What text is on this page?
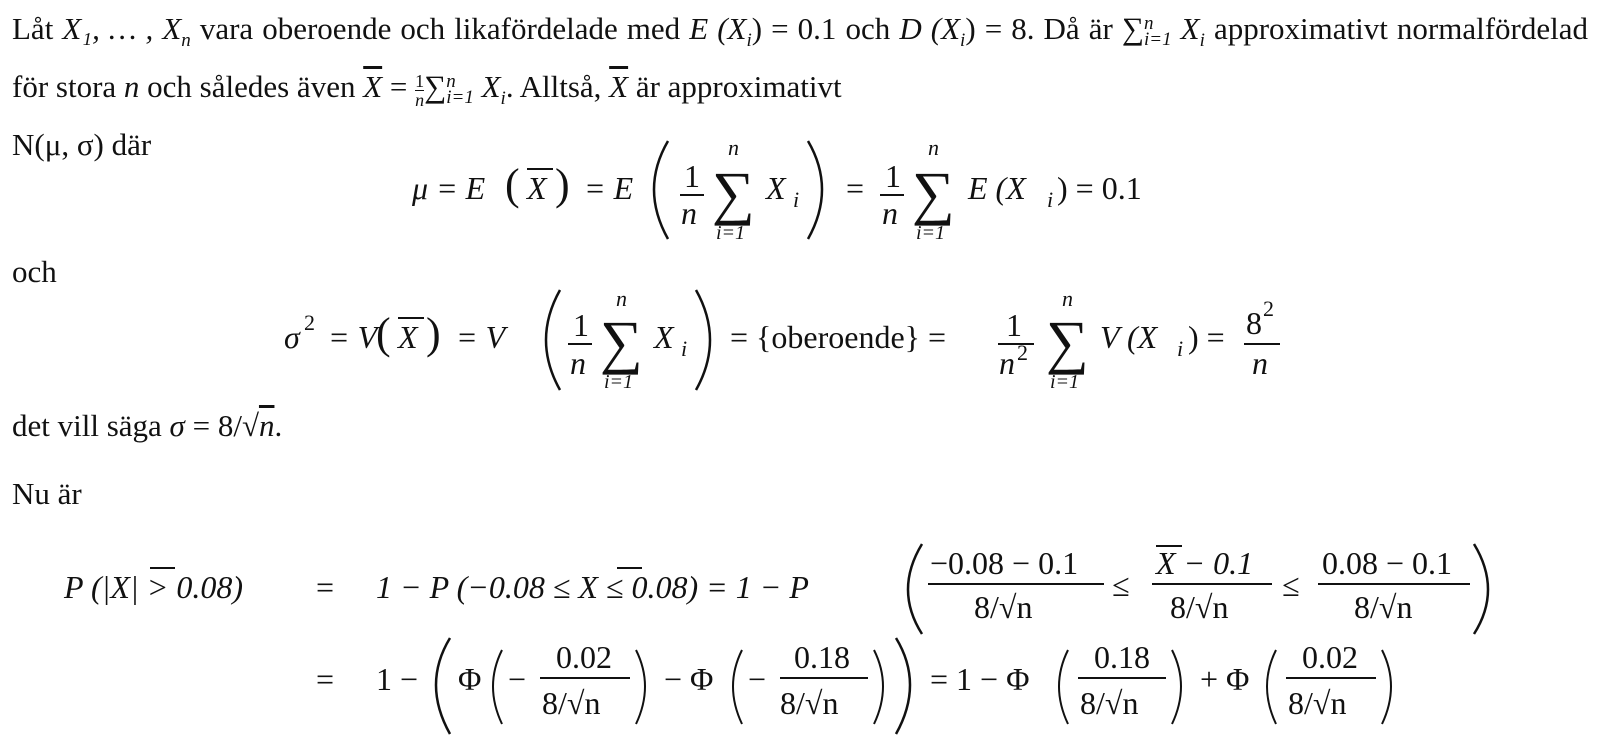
Låt X₁, … , $X_n$ vara oberoende och likafördelade med E $(X_i) = 0.1$ och D $(X_i) = 8$. Då är ∑ n
i=1 $X_i$ approximativt normalfördelad för stora n och således även $\overline{X} = \frac{1}{n}$ ∑ n
i=1 $X_i$. Alltså, $\overline{X}$ är approximativt
N(μ, σ) där
μ = E ( X ) = E 1
n
n
∑
i=1
X i = 1
n
n
∑
i=1
E (X i ) = 0.1
och
σ 2 = V
( X ) = V 1
n
n
∑
i=1
X i = {oberoende} = 1
n 2
n
∑
i=1
V (X i ) = 8 2
n
det vill säga σ = 8/√n.
Nu är
P (|X| > 0.08) = 1 − P (−0.08 ≤ X ≤ 0.08) = 1 − P
−0.08 − 0.1
8/√n
≤
X − 0.1
8/√n
≤
0.08 − 0.1
8/√n
= 1 − Φ −
0.02
8/√n
− Φ −
0.18
8/√n
= 1 − Φ
0.18
8/√n
+ Φ
0.02
8/√n
